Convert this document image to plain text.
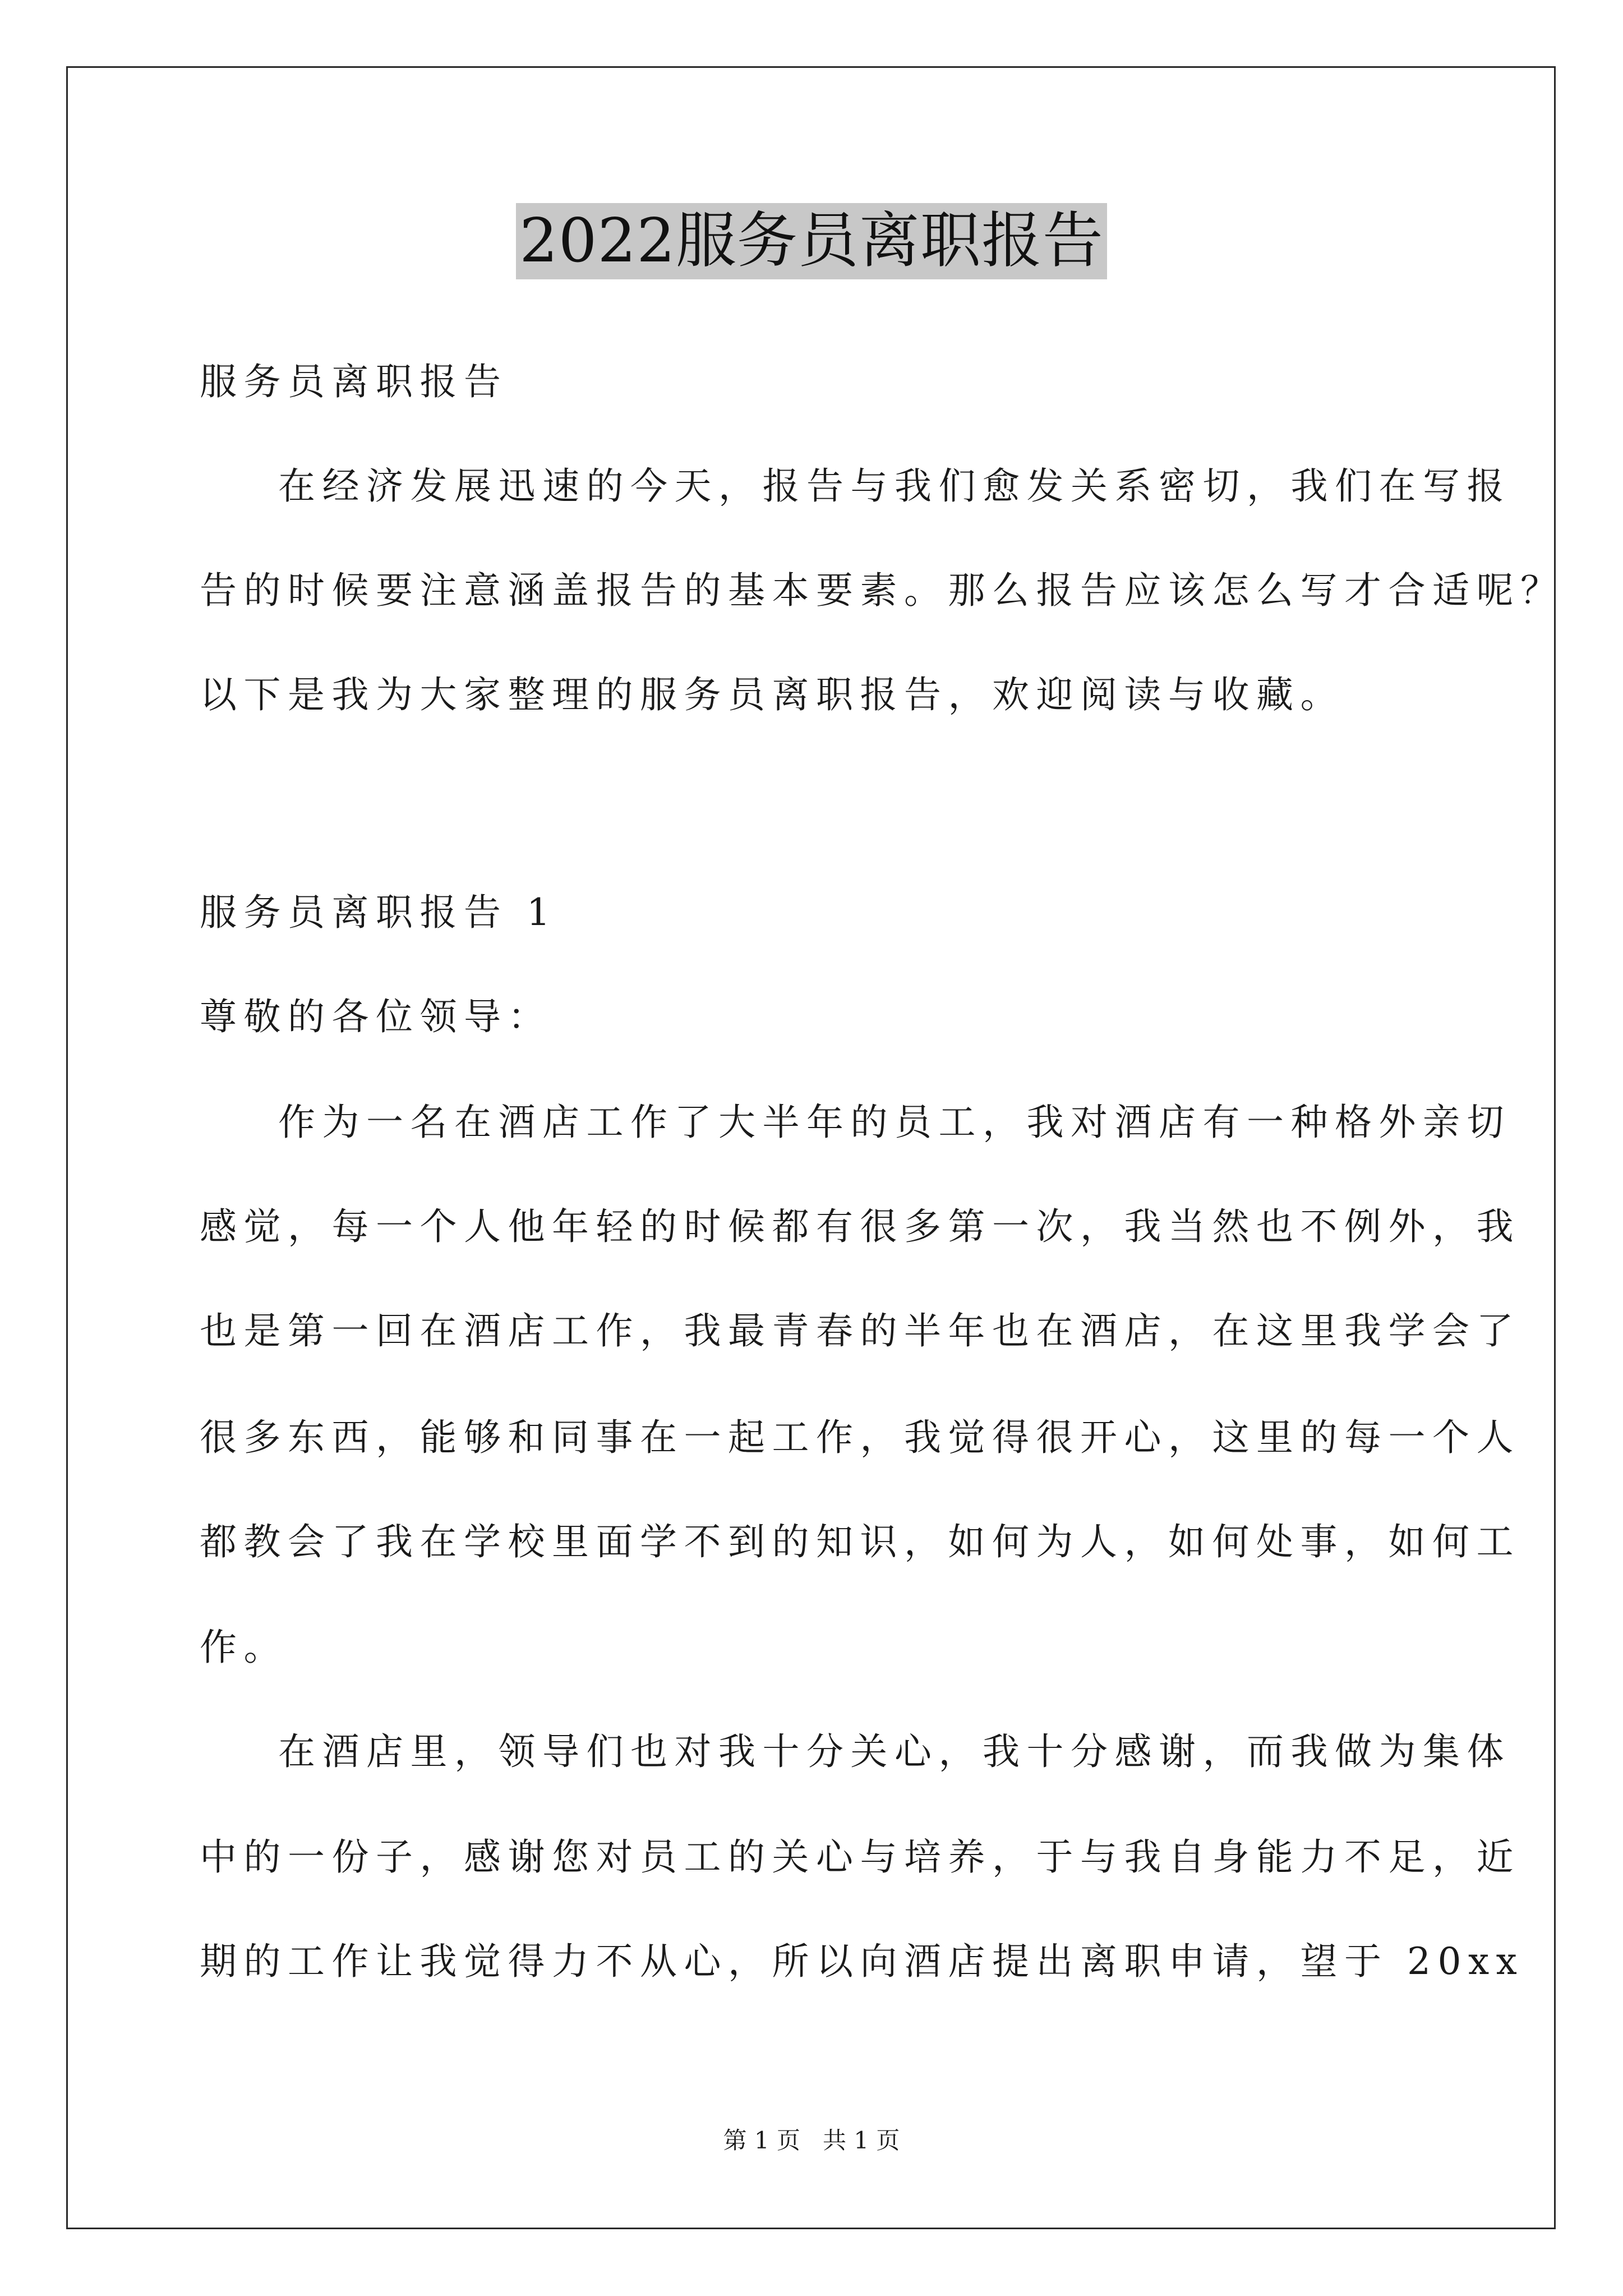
2022服务员离职报告
服务员离职报告
在经济发展迅速的今天，报告与我们愈发关系密切，我们在写报
告的时候要注意涵盖报告的基本要素。那么报告应该怎么写才合适呢？
以下是我为大家整理的服务员离职报告，欢迎阅读与收藏。
服务员离职报告 1
尊敬的各位领导：
作为一名在酒店工作了大半年的员工，我对酒店有一种格外亲切
感觉，每一个人他年轻的时候都有很多第一次，我当然也不例外，我
也是第一回在酒店工作，我最青春的半年也在酒店，在这里我学会了
很多东西，能够和同事在一起工作，我觉得很开心，这里的每一个人
都教会了我在学校里面学不到的知识，如何为人，如何处事，如何工
作。
在酒店里，领导们也对我十分关心，我十分感谢，而我做为集体
中的一份子，感谢您对员工的关心与培养，于与我自身能力不足，近
期的工作让我觉得力不从心，所以向酒店提出离职申请，望于 20xx
第 1 页 共 1 页
